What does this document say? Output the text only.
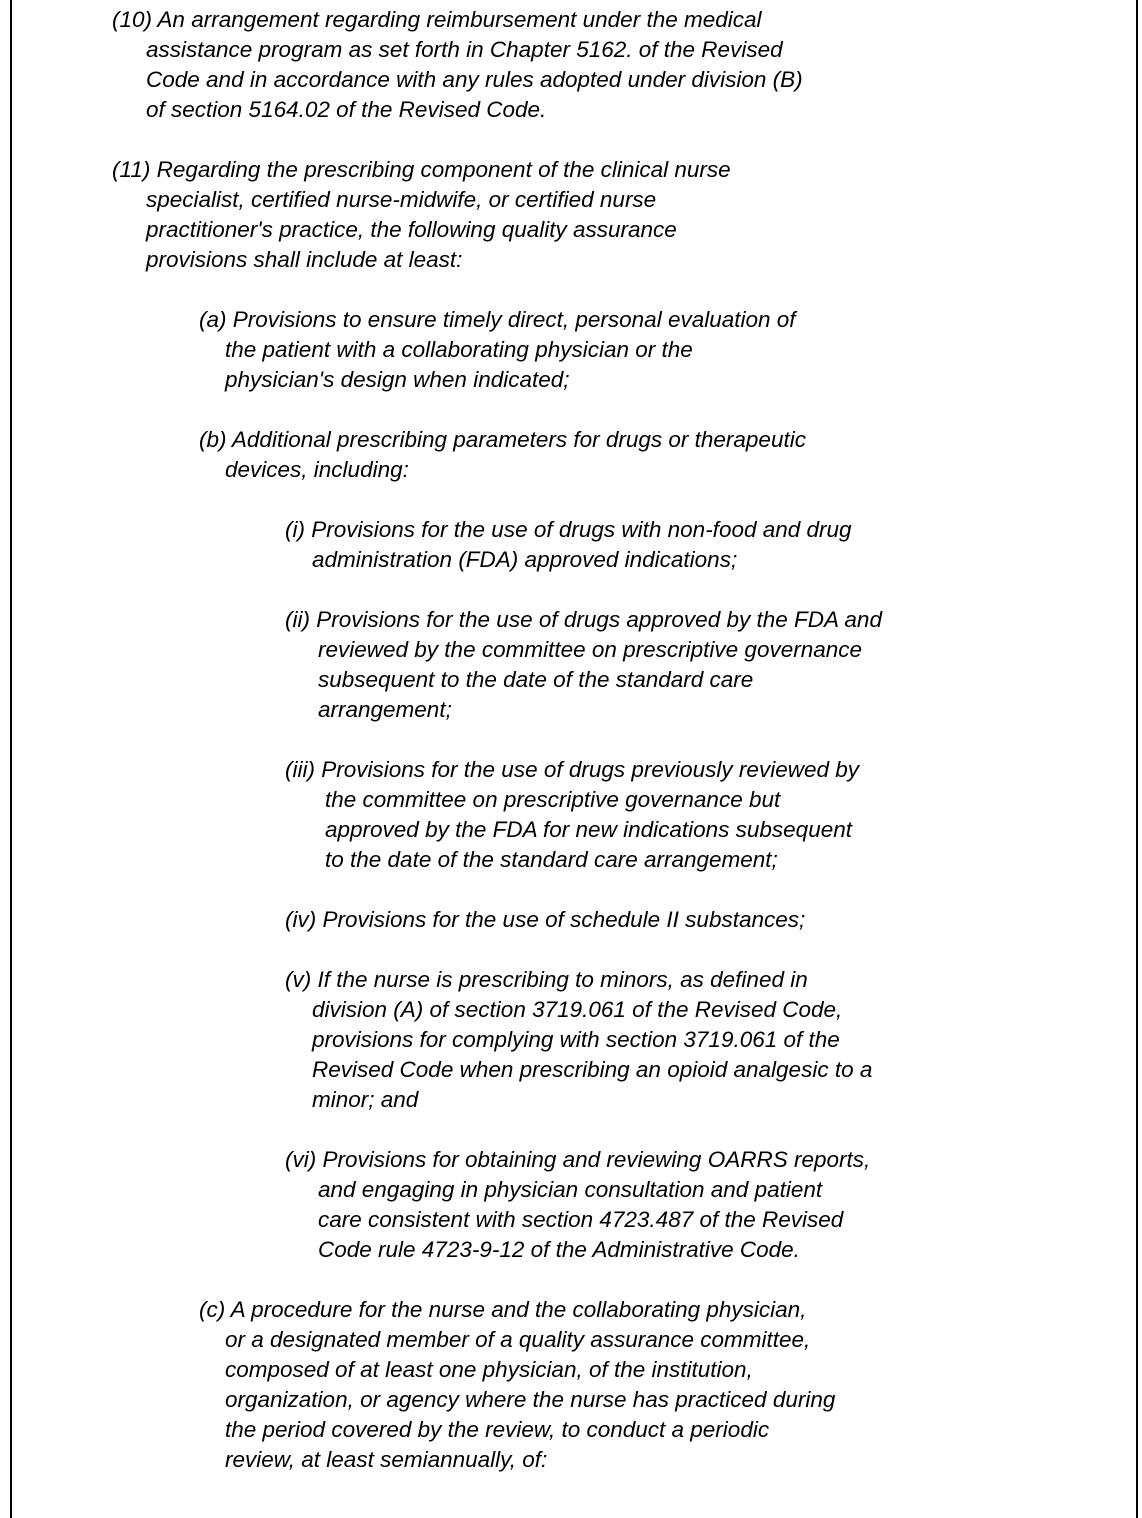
(10) An arrangement regarding reimbursement under the medical
assistance program as set forth in Chapter 5162. of the Revised
Code and in accordance with any rules adopted under division (B)
of section 5164.02 of the Revised Code.
(11) Regarding the prescribing component of the clinical nurse
specialist, certified nurse-midwife, or certified nurse
practitioner's practice, the following quality assurance
provisions shall include at least:
(a) Provisions to ensure timely direct, personal evaluation of
the patient with a collaborating physician or the
physician's design when indicated;
(b) Additional prescribing parameters for drugs or therapeutic
devices, including:
(i) Provisions for the use of drugs with non-food and drug
administration (FDA) approved indications;
(ii) Provisions for the use of drugs approved by the FDA and
reviewed by the committee on prescriptive governance
subsequent to the date of the standard care
arrangement;
(iii) Provisions for the use of drugs previously reviewed by
the committee on prescriptive governance but
approved by the FDA for new indications subsequent
to the date of the standard care arrangement;
(iv) Provisions for the use of schedule II substances;
(v) If the nurse is prescribing to minors, as defined in
division (A) of section 3719.061 of the Revised Code,
provisions for complying with section 3719.061 of the
Revised Code when prescribing an opioid analgesic to a
minor; and
(vi) Provisions for obtaining and reviewing OARRS reports,
and engaging in physician consultation and patient
care consistent with section 4723.487 of the Revised
Code rule 4723-9-12 of the Administrative Code.
(c) A procedure for the nurse and the collaborating physician,
or a designated member of a quality assurance committee,
composed of at least one physician, of the institution,
organization, or agency where the nurse has practiced during
the period covered by the review, to conduct a periodic
review, at least semiannually, of:
